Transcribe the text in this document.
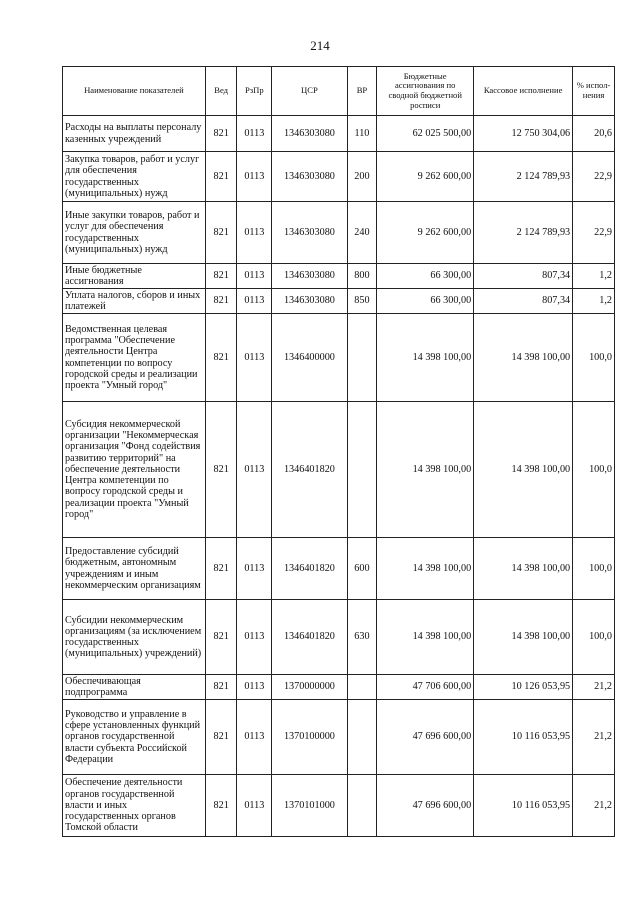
214
Наименование показателей	Вед	РзПр	ЦСР	ВР	Бюджетные ассигнования по сводной бюджетной росписи	Кассовое исполнение	% испол-нения
Расходы на выплаты персоналу казенных учреждений	821	0113	1346303080	110	62 025 500,00	12 750 304,06	20,6
Закупка товаров, работ и услуг для обеспечения государственных (муниципальных) нужд	821	0113	1346303080	200	9 262 600,00	2 124 789,93	22,9
Иные закупки товаров, работ и услуг для обеспечения государственных (муниципальных) нужд	821	0113	1346303080	240	9 262 600,00	2 124 789,93	22,9
Иные бюджетные ассигнования	821	0113	1346303080	800	66 300,00	807,34	1,2
Уплата налогов, сборов и иных платежей	821	0113	1346303080	850	66 300,00	807,34	1,2
Ведомственная целевая программа "Обеспечение деятельности Центра компетенции по вопросу городской среды и реализации проекта "Умный город"	821	0113	1346400000		14 398 100,00	14 398 100,00	100,0
Субсидия некоммерческой организации "Некоммерческая организация "Фонд содействия развитию территорий" на обеспечение деятельности Центра компетенции по вопросу городской среды и реализации проекта "Умный город"	821	0113	1346401820		14 398 100,00	14 398 100,00	100,0
Предоставление субсидий бюджетным, автономным учреждениям и иным некоммерческим организациям	821	0113	1346401820	600	14 398 100,00	14 398 100,00	100,0
Субсидии некоммерческим организациям (за исключением государственных (муниципальных) учреждений)	821	0113	1346401820	630	14 398 100,00	14 398 100,00	100,0
Обеспечивающая подпрограмма	821	0113	1370000000		47 706 600,00	10 126 053,95	21,2
Руководство и управление в сфере установленных функций органов государственной власти субъекта Российской Федерации	821	0113	1370100000		47 696 600,00	10 116 053,95	21,2
Обеспечение деятельности органов государственной власти и иных государственных органов Томской области	821	0113	1370101000		47 696 600,00	10 116 053,95	21,2
